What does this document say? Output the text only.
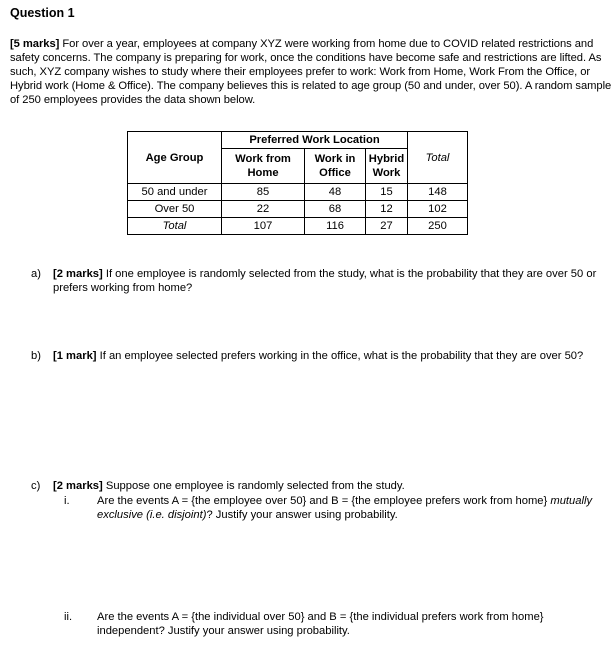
Question 1

[5 marks] For over a year, employees at company XYZ were working from home due to COVID related restrictions and safety concerns. The company is preparing for work, once the conditions have become safe and restrictions are lifted. As such, XYZ company wishes to study where their employees prefer to work: Work from Home, Work From the Office, or Hybrid work (Home & Office). The company believes this is related to age group (50 and under, over 50). A random sample of 250 employees provides the data shown below.

Age Group	Preferred Work Location			Total
	Work from Home	Work in Office	Hybrid Work	
50 and under	85	48	15	148
Over 50	22	68	12	102
Total	107	116	27	250
a) [2 marks] If one employee is randomly selected from the study, what is the probability that they are over 50 or prefers working from home?
b) [1 mark] If an employee selected prefers working in the office, what is the probability that they are over 50?
c) [2 marks] Suppose one employee is randomly selected from the study.
i. Are the events A = {the employee over 50} and B = {the employee prefers work from home} mutually exclusive (i.e. disjoint)? Justify your answer using probability.
ii. Are the events A = {the individual over 50} and B = {the individual prefers work from home} independent? Justify your answer using probability.
